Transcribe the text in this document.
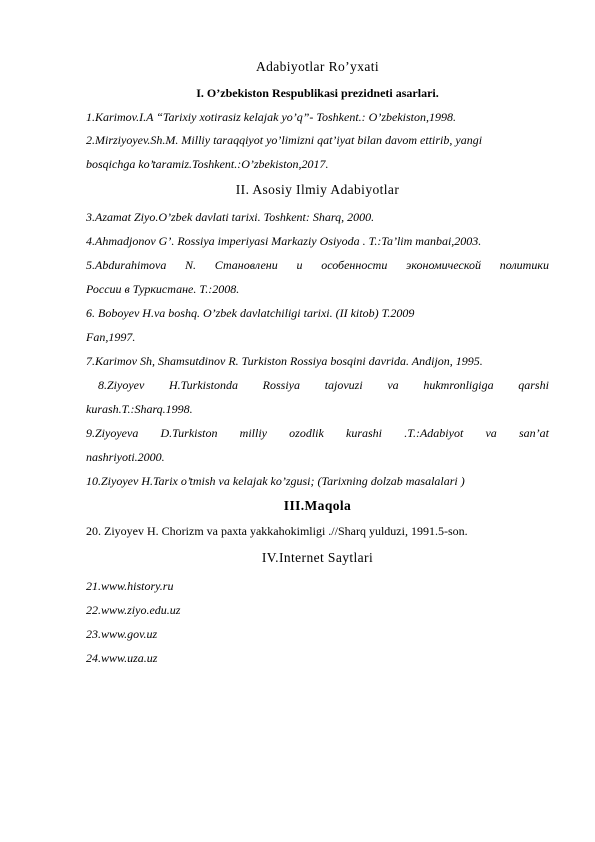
Adabiyotlar Ro’yxati
I. O’zbekiston Respublikasi prezidneti asarlari.
1.Karimov.I.A “Tarixiy xotirasiz kelajak yo’q”- Toshkent.: O’zbekiston,1998.
2.Mirziyoyev.Sh.M. Milliy taraqqiyot yo’limizni qat’iyat bilan davom ettirib, yangi
bosqichga ko’taramiz.Toshkent.:O’zbekiston,2017.
II. Asosiy Ilmiy Adabiyotlar
3.Azamat Ziyo.O’zbek davlati tarixi. Toshkent: Sharq, 2000.
4.Ahmadjonov G’. Rossiya imperiyasi Markaziy Osiyoda . T.:Ta’lim manbai,2003.
5.Abdurahimova N. Становлени и особенности экономической политики
России в Туркистане. Т.:2008.
6. Boboyev H.va boshq. O’zbek davlatchiligi tarixi. (II kitob) T.2009
Fan,1997.
7.Karimov Sh, Shamsutdinov R. Turkiston Rossiya bosqini davrida. Andijon, 1995.
8.Ziyoyev H.Turkistonda Rossiya tajovuzi va hukmronligiga qarshi
kurash.T.:Sharq.1998.
9.Ziyoyeva D.Turkiston milliy ozodlik kurashi .T.:Adabiyot va san’at
nashriyoti.2000.
10.Ziyoyev H.Tarix o’tmish va kelajak ko’zgusi; (Tarixning dolzab masalalari )
III.Maqola
20. Ziyoyev H. Chorizm va paxta yakkahokimligi .//Sharq yulduzi, 1991.5-son.
IV.Internet Saytlari
21.www.history.ru
22.www.ziyo.edu.uz
23.www.gov.uz
24.www.uza.uz
